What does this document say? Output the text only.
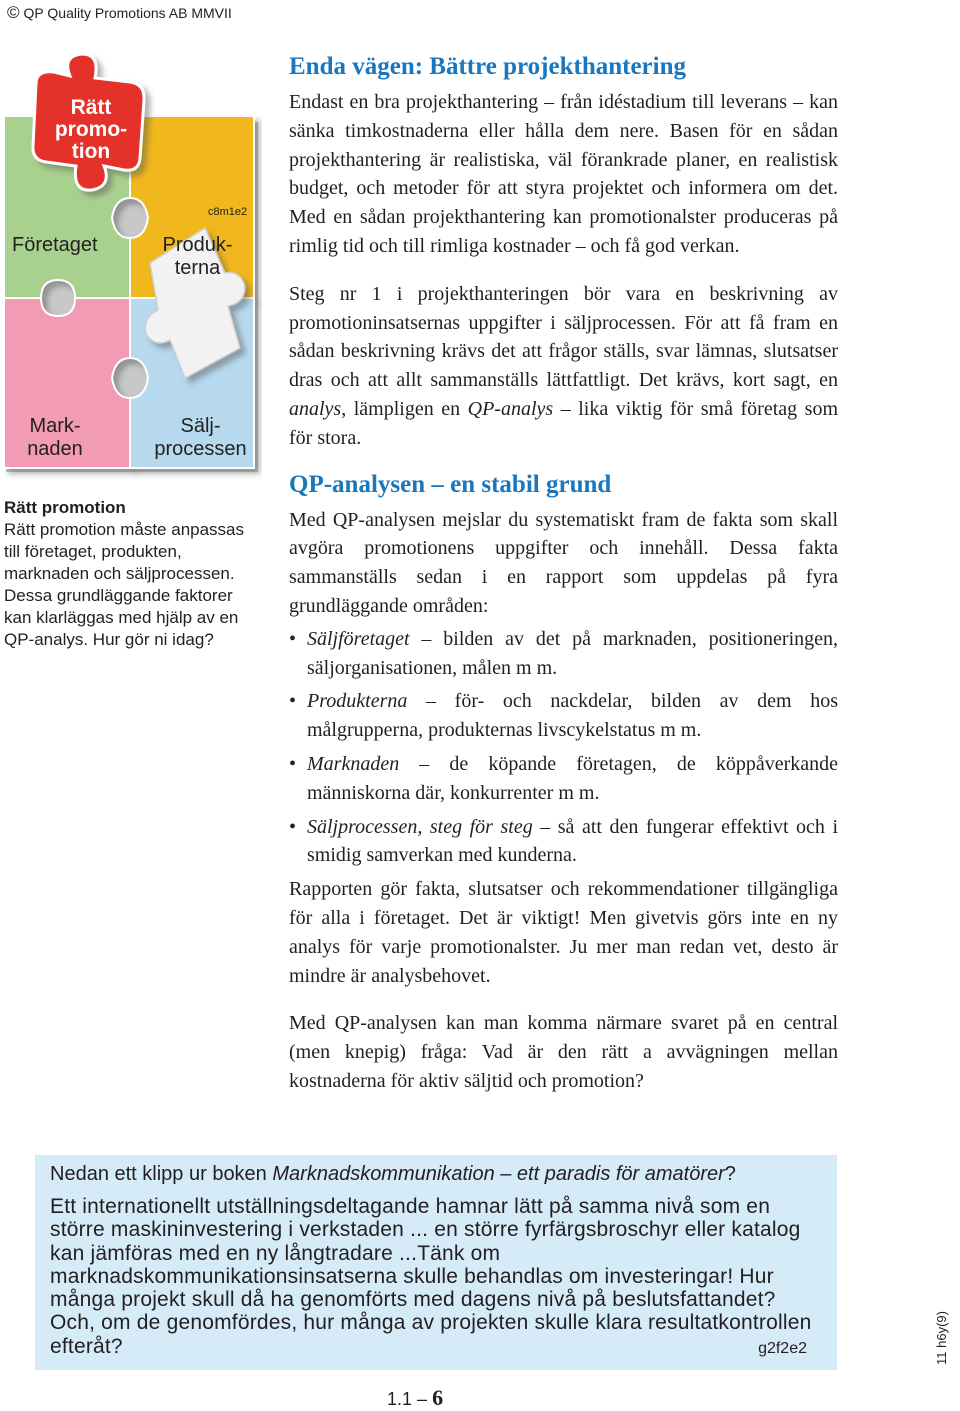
© QP Quality Promotions AB MMVII
Rätt
promo-
tion
c8m1e2
Företaget	Produk-
terna
Mark-
naden
Sälj-
processen
Rätt promotion
Rätt promotion måste anpassas till företaget, produkten, marknaden och säljprocessen. Dessa grundläggande faktorer kan klarläggas med hjälp av en QP-analys. Hur gör ni idag?
Enda vägen: Bättre projekthantering

Endast en bra projekthantering – från idéstadium till leverans – kan sänka timkostnaderna eller hålla dem nere. Basen för en sådan projekthantering är realistiska, väl förankrade planer, en realistisk budget, och metoder för att styra projektet och informera om det. Med en sådan projekthantering kan promotionalster produceras på rimlig tid och till rimliga kostnader – och få god verkan.

Steg nr 1 i projekthanteringen bör vara en beskrivning av promotioninsatsernas uppgifter i säljprocessen. För att få fram en sådan beskrivning krävs det att frågor ställs, svar lämnas, slutsatser dras och att allt sammanställs lättfattligt. Det krävs, kort sagt, en analys, lämpligen en QP-analys – lika viktig för små företag som för stora.

QP-analysen – en stabil grund

Med QP-analysen mejslar du systematiskt fram de fakta som skall avgöra promotionens uppgifter och innehåll. Dessa fakta sammanställs sedan i en rapport som uppdelas på fyra grundläggande områden:

• Säljföretaget – bilden av det på marknaden, positioneringen, säljorganisationen, målen m m.
• Produkterna – för- och nackdelar, bilden av dem hos målgrupperna, produkternas livscykelstatus m m.
• Marknaden – de köpande företagen, de köppåverkande människorna där, konkurrenter m m.
• Säljprocessen, steg för steg – så att den fungerar effektivt och i smidig samverkan med kunderna.

Rapporten gör fakta, slutsatser och rekommendationer tillgängliga för alla i företaget. Det är viktigt! Men givetvis görs inte en ny analys för varje promotionalster. Ju mer man redan vet, desto är mindre är analysbehovet.

Med QP-analysen kan man komma närmare svaret på en central (men knepig) fråga: Vad är den rätt a avvägningen mellan kostnaderna för aktiv säljtid och promotion?

Nedan ett klipp ur boken Marknadskommunikation – ett paradis för amatörer?
Ett internationellt utställningsdeltagande hamnar lätt på samma nivå som en större maskininvestering i verkstaden ... en större fyrfärgsbroschyr eller katalog kan jämföras med en ny långtradare ...Tänk om marknadskommunikationsinsatserna skulle behandlas om investeringar! Hur många projekt skull då ha genomförts med dagens nivå på beslutsfattandet? Och, om de genomfördes, hur många av projekten skulle klara resultatkontrollen efteråt?	g2f2e2
1.1 – 6
11 h6y(9)
